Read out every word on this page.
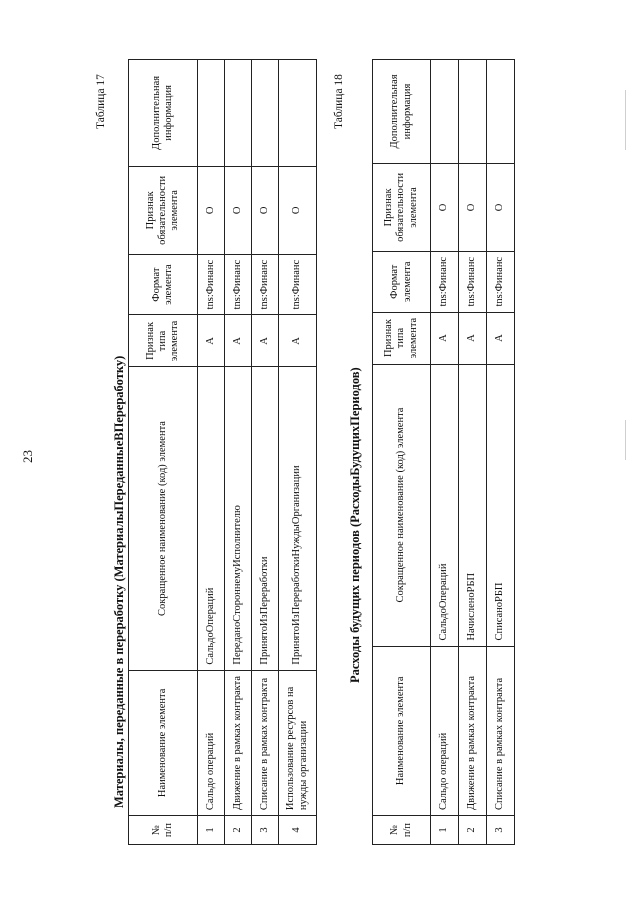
23
Таблица 17
Материалы, переданные в переработку (МатериалыПереданныеВПереработку)
№ п/п	Наименование элемента	Сокращенное наименование (код) элемента	Признак типа элемента	Формат элемента	Признак обязательности элемента	Дополнительная информация
1	Сальдо операций	СальдоОпераций	А	tns:Финанс	О	
2	Движение в рамках контракта	ПереданоСтороннемуИсполнителю	А	tns:Финанс	О	
3	Списание в рамках контракта	ПринятоИзПереработки	А	tns:Финанс	О	
4	Использование ресурсов на нужды организации	ПринятоИзПереработкиНуждыОрганизации	А	tns:Финанс	О	
Таблица 18
Расходы будущих периодов (РасходыБудущихПериодов)
№ п/п	Наименование элемента	Сокращенное наименование (код) элемента	Признак типа элемента	Формат элемента	Признак обязательности элемента	Дополнительная информация
1	Сальдо операций	СальдоОпераций	А	tns:Финанс	О	
2	Движение в рамках контракта	НачисленоРБП	А	tns:Финанс	О	
3	Списание в рамках контракта	СписаноРБП	А	tns:Финанс	О	
